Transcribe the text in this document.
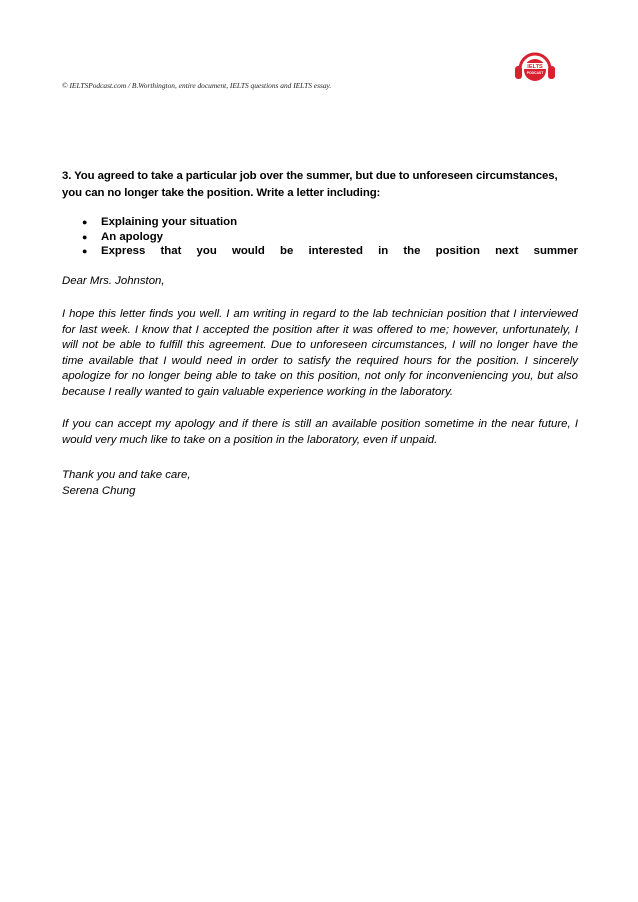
© IELTSPodcast.com / B.Worthington, entire document, IELTS questions and IELTS essay.
IELTS
PODCAST
3. You agreed to take a particular job over the summer, but due to unforeseen circumstances, you can no longer take the position. Write a letter including:
●	Explaining your situation
●	An apology
●	Express that you would be interested in the position next summer
Dear Mrs. Johnston,
I hope this letter finds you well. I am writing in regard to the lab technician position that I interviewed for last week. I know that I accepted the position after it was offered to me; however, unfortunately, I will not be able to fulfill this agreement. Due to unforeseen circumstances, I will no longer have the time available that I would need in order to satisfy the required hours for the position. I sincerely apologize for no longer being able to take on this position, not only for inconveniencing you, but also because I really wanted to gain valuable experience working in the laboratory.
If you can accept my apology and if there is still an available position sometime in the near future, I would very much like to take on a position in the laboratory, even if unpaid.
Thank you and take care,
Serena Chung
